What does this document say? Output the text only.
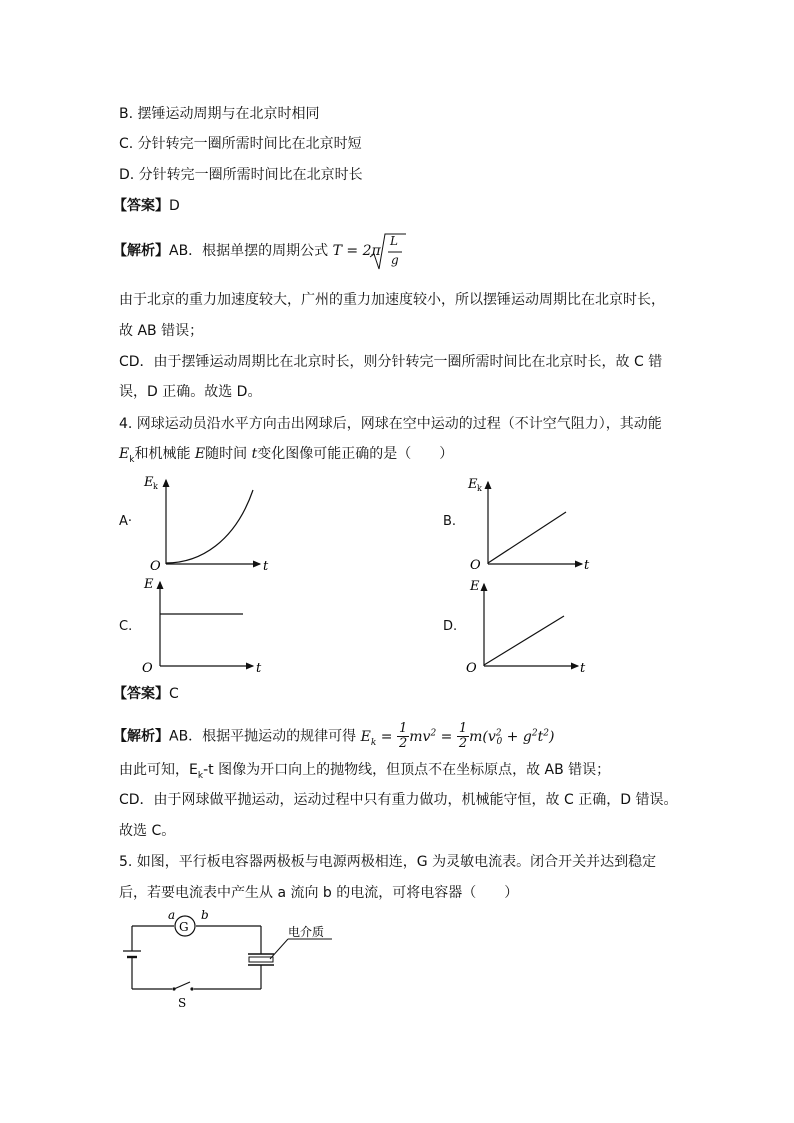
B. 摆锤运动周期与在北京时相同
C. 分针转完一圈所需时间比在北京时短
D. 分针转完一圈所需时间比在北京时长
【答案】D
【解析】AB．根据单摆的周期公式 T = 2π
L
g
由于北京的重力加速度较大，广州的重力加速度较小，所以摆锤运动周期比在北京时长，
故 AB 错误；
CD．由于摆锤运动周期比在北京时长，则分针转完一圈所需时间比在北京时长，故 C 错
误，D 正确。故选 D。
4. 网球运动员沿水平方向击出网球后，网球在空中运动的过程（不计空气阻力），其动能
$E_k$和机械能 E随时间 t变化图像可能正确的是（　　）
A·	B.
C.	D.
E k
O	t
E k
O	t
E
O	t
E
O	t
【答案】C
【解析】AB．根据平抛运动的规律可得 $E_k = \frac{1}{2} mv^2 = \frac{1}{2} m(v^2_0 + g^2t^2)$
由此可知，$E_k-t$ 图像为开口向上的抛物线，但顶点不在坐标原点，故 AB 错误；
CD．由于网球做平抛运动，运动过程中只有重力做功，机械能守恒，故 C 正确，D 错误。
故选 C。
5. 如图，平行板电容器两极板与电源两极相连，G 为灵敏电流表。闭合开关并达到稳定
后，若要电流表中产生从 a 流向 b 的电流，可将电容器（　　）
G
a b
S
电介质
